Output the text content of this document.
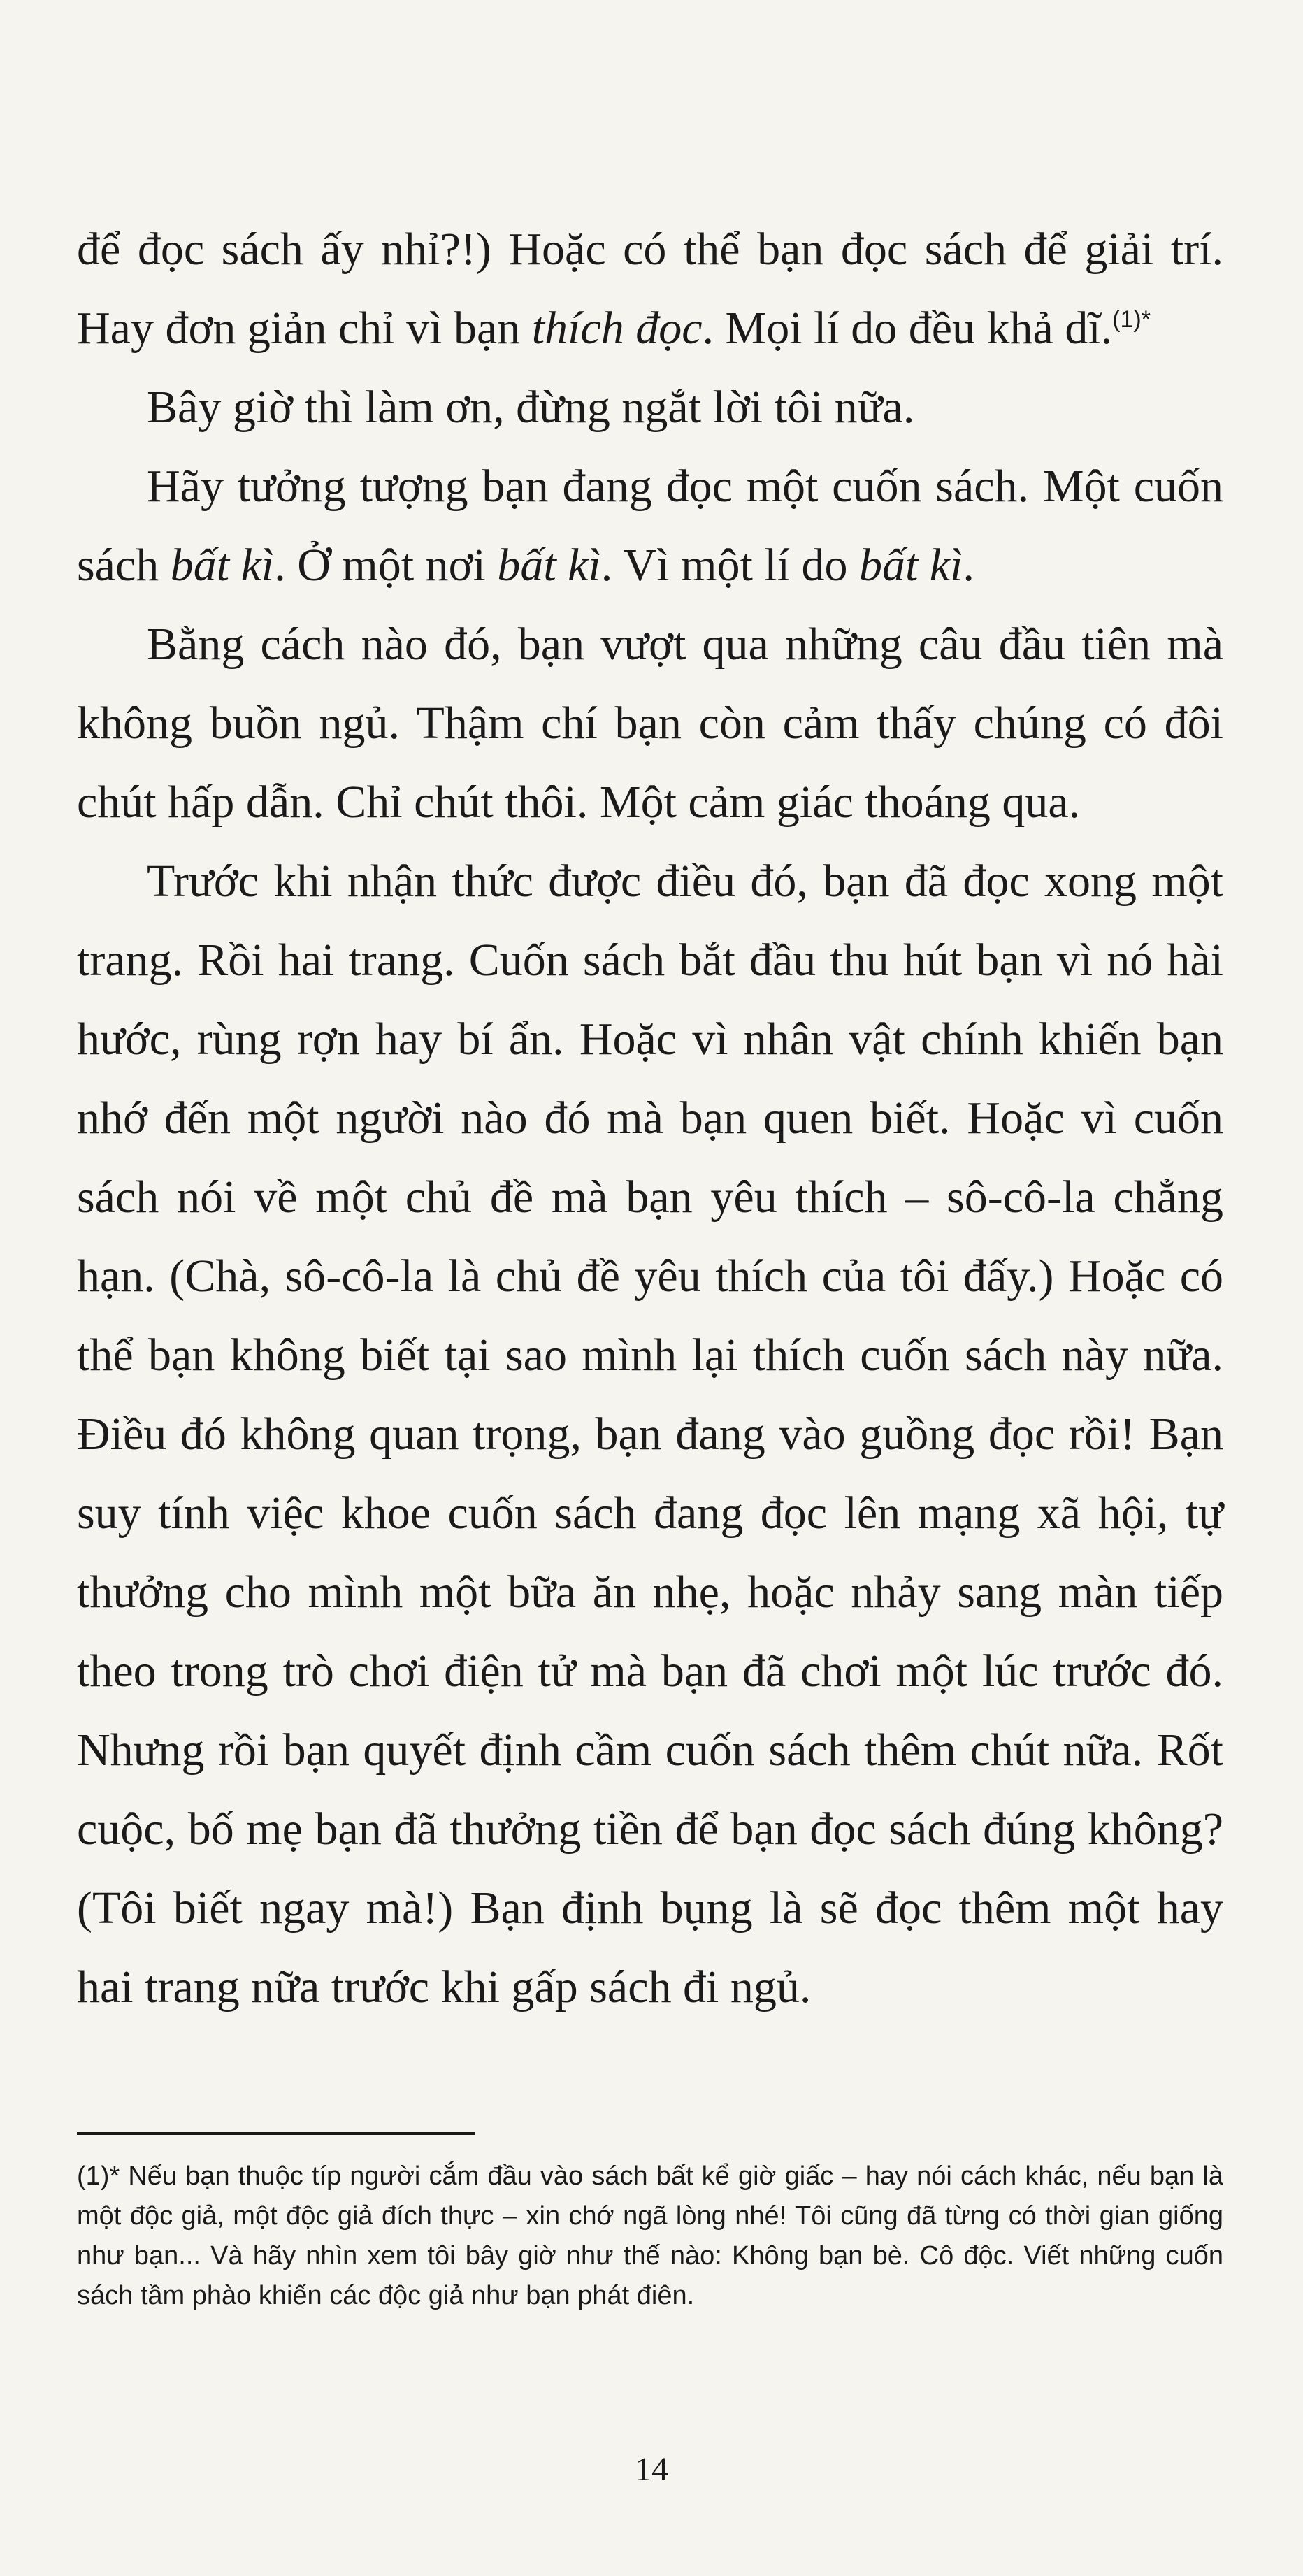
để đọc sách ấy nhỉ?!) Hoặc có thể bạn đọc sách để giải trí. Hay đơn giản chỉ vì bạn thích đọc. Mọi lí do đều khả dĩ.$^{(1)*}$

Bây giờ thì làm ơn, đừng ngắt lời tôi nữa.

Hãy tưởng tượng bạn đang đọc một cuốn sách. Một cuốn sách bất kì. Ở một nơi bất kì. Vì một lí do bất kì.

Bằng cách nào đó, bạn vượt qua những câu đầu tiên mà không buồn ngủ. Thậm chí bạn còn cảm thấy chúng có đôi chút hấp dẫn. Chỉ chút thôi. Một cảm giác thoáng qua.

Trước khi nhận thức được điều đó, bạn đã đọc xong một trang. Rồi hai trang. Cuốn sách bắt đầu thu hút bạn vì nó hài hước, rùng rợn hay bí ẩn. Hoặc vì nhân vật chính khiến bạn nhớ đến một người nào đó mà bạn quen biết. Hoặc vì cuốn sách nói về một chủ đề mà bạn yêu thích – sô-cô-la chẳng hạn. (Chà, sô-cô-la là chủ đề yêu thích của tôi đấy.) Hoặc có thể bạn không biết tại sao mình lại thích cuốn sách này nữa. Điều đó không quan trọng, bạn đang vào guồng đọc rồi! Bạn suy tính việc khoe cuốn sách đang đọc lên mạng xã hội, tự thưởng cho mình một bữa ăn nhẹ, hoặc nhảy sang màn tiếp theo trong trò chơi điện tử mà bạn đã chơi một lúc trước đó. Nhưng rồi bạn quyết định cầm cuốn sách thêm chút nữa. Rốt cuộc, bố mẹ bạn đã thưởng tiền để bạn đọc sách đúng không? (Tôi biết ngay mà!) Bạn định bụng là sẽ đọc thêm một hay hai trang nữa trước khi gấp sách đi ngủ.

(1)* Nếu bạn thuộc típ người cắm đầu vào sách bất kể giờ giấc – hay nói cách khác, nếu bạn là một độc giả, một độc giả đích thực – xin chớ ngã lòng nhé! Tôi cũng đã từng có thời gian giống như bạn... Và hãy nhìn xem tôi bây giờ như thế nào: Không bạn bè. Cô độc. Viết những cuốn sách tầm phào khiến các độc giả như bạn phát điên.

14
